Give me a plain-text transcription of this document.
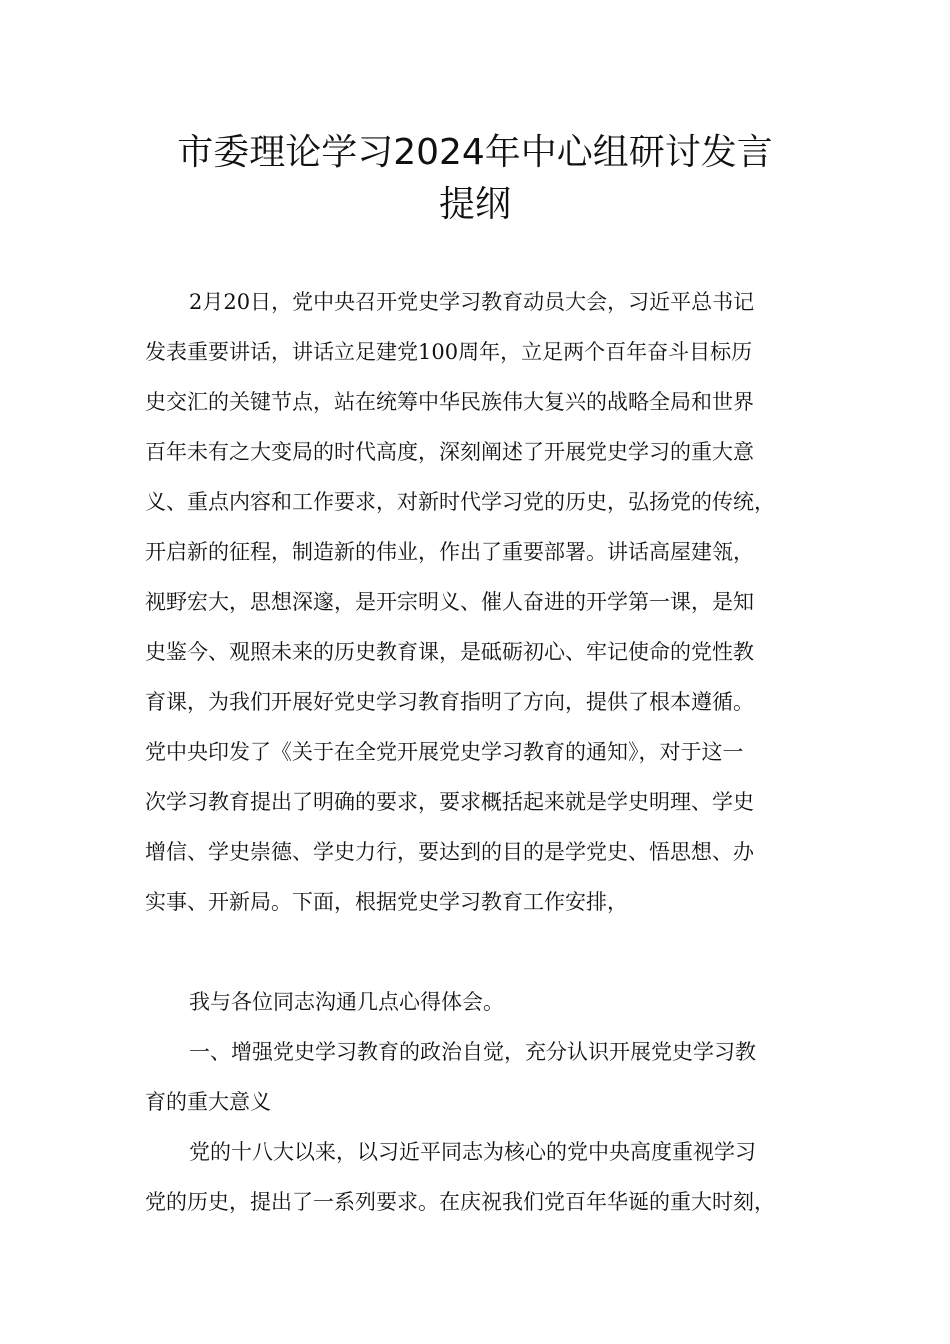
市委理论学习2024年中心组研讨发言
提纲
2月20日，党中央召开党史学习教育动员大会，习近平总书记
发表重要讲话，讲话立足建党100周年，立足两个百年奋斗目标历
史交汇的关键节点，站在统筹中华民族伟大复兴的战略全局和世界
百年未有之大变局的时代高度，深刻阐述了开展党史学习的重大意
义、重点内容和工作要求，对新时代学习党的历史，弘扬党的传统，
开启新的征程，制造新的伟业，作出了重要部署。讲话高屋建瓴，
视野宏大，思想深邃，是开宗明义、催人奋进的开学第一课，是知
史鉴今、观照未来的历史教育课，是砥砺初心、牢记使命的党性教
育课，为我们开展好党史学习教育指明了方向，提供了根本遵循。
党中央印发了《关于在全党开展党史学习教育的通知》，对于这一
次学习教育提出了明确的要求，要求概括起来就是学史明理、学史
增信、学史崇德、学史力行，要达到的目的是学党史、悟思想、办
实事、开新局。下面，根据党史学习教育工作安排，
我与各位同志沟通几点心得体会。
一、增强党史学习教育的政治自觉，充分认识开展党史学习教
育的重大意义
党的十八大以来，以习近平同志为核心的党中央高度重视学习
党的历史，提出了一系列要求。在庆祝我们党百年华诞的重大时刻，
